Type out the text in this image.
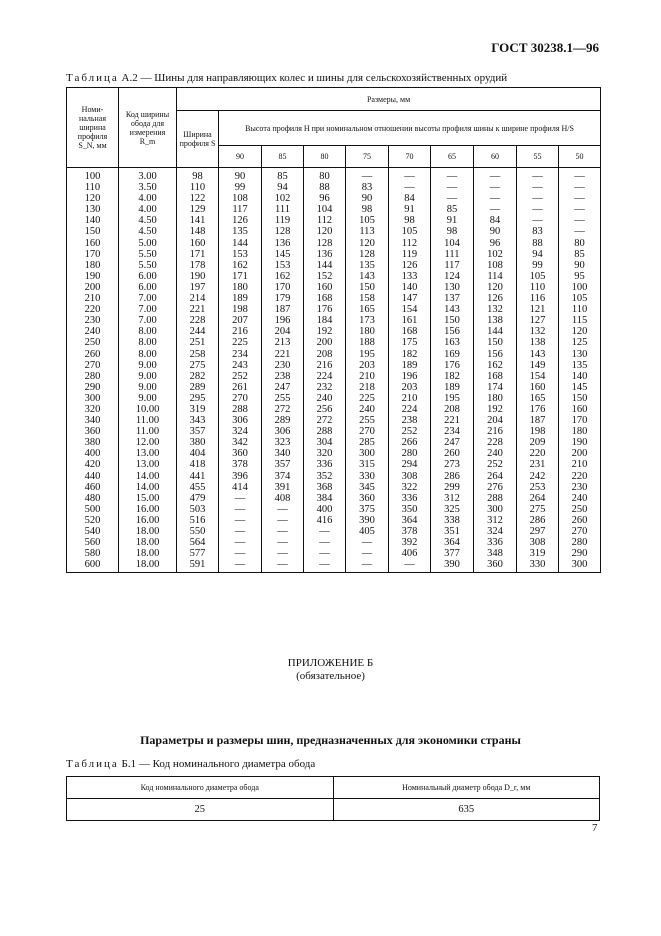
ГОСТ 30238.1—96
Таблица А.2 — Шины для направляющих колес и шины для сельскохозяйственных орудий
Номи-нальная ширина профиля S_N, мм	Код ширины обода для измерения R_m	Размеры, мм									
		Ширина профиля S	Высота профиля H при номинальном отношении высоты профиля шины к ширине профиля H/S								
			90	85	80	75	70	65	60	55	50
100	3.00	98	90	85	80	—	—	—	—	—	—
110	3.50	110	99	94	88	83	—	—	—	—	—
120	4.00	122	108	102	96	90	84	—	—	—	—
130	4.00	129	117	111	104	98	91	85	—	—	—
140	4.50	141	126	119	112	105	98	91	84	—	—
150	4.50	148	135	128	120	113	105	98	90	83	—
160	5.00	160	144	136	128	120	112	104	96	88	80
170	5.50	171	153	145	136	128	119	111	102	94	85
180	5.50	178	162	153	144	135	126	117	108	99	90
190	6.00	190	171	162	152	143	133	124	114	105	95
200	6.00	197	180	170	160	150	140	130	120	110	100
210	7.00	214	189	179	168	158	147	137	126	116	105
220	7.00	221	198	187	176	165	154	143	132	121	110
230	7.00	228	207	196	184	173	161	150	138	127	115
240	8.00	244	216	204	192	180	168	156	144	132	120
250	8.00	251	225	213	200	188	175	163	150	138	125
260	8.00	258	234	221	208	195	182	169	156	143	130
270	9.00	275	243	230	216	203	189	176	162	149	135
280	9.00	282	252	238	224	210	196	182	168	154	140
290	9.00	289	261	247	232	218	203	189	174	160	145
300	9.00	295	270	255	240	225	210	195	180	165	150
320	10.00	319	288	272	256	240	224	208	192	176	160
340	11.00	343	306	289	272	255	238	221	204	187	170
360	11.00	357	324	306	288	270	252	234	216	198	180
380	12.00	380	342	323	304	285	266	247	228	209	190
400	13.00	404	360	340	320	300	280	260	240	220	200
420	13.00	418	378	357	336	315	294	273	252	231	210
440	14.00	441	396	374	352	330	308	286	264	242	220
460	14.00	455	414	391	368	345	322	299	276	253	230
480	15.00	479	—	408	384	360	336	312	288	264	240
500	16.00	503	—	—	400	375	350	325	300	275	250
520	16.00	516	—	—	416	390	364	338	312	286	260
540	18.00	550	—	—	—	405	378	351	324	297	270
560	18.00	564	—	—	—	—	392	364	336	308	280
580	18.00	577	—	—	—	—	406	377	348	319	290
600	18.00	591	—	—	—	—	—	390	360	330	300
ПРИЛОЖЕНИЕ Б
(обязательное)
Параметры и размеры шин, предназначенных для экономики страны
Таблица Б.1 — Код номинального диаметра обода
Код номинального диаметра обода	Номинальный диаметр обода D_r, мм
25	635
7
